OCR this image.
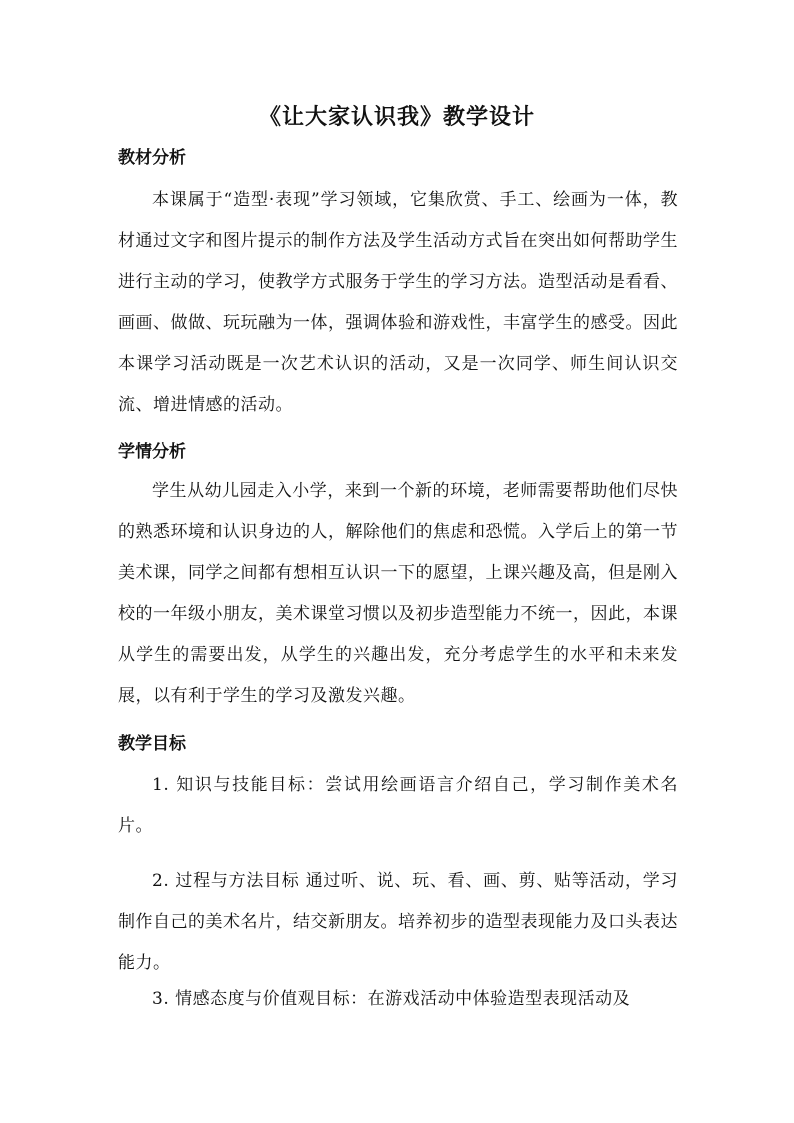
《让大家认识我》教学设计
教材分析

本课属于“造型·表现”学习领域，它集欣赏、手工、绘画为一体，教材通过文字和图片提示的制作方法及学生活动方式旨在突出如何帮助学生进行主动的学习，使教学方式服务于学生的学习方法。造型活动是看看、画画、做做、玩玩融为一体，强调体验和游戏性，丰富学生的感受。因此本课学习活动既是一次艺术认识的活动，又是一次同学、师生间认识交流、增进情感的活动。

学情分析

学生从幼儿园走入小学，来到一个新的环境，老师需要帮助他们尽快的熟悉环境和认识身边的人，解除他们的焦虑和恐慌。入学后上的第一节美术课，同学之间都有想相互认识一下的愿望，上课兴趣及高，但是刚入校的一年级小朋友，美术课堂习惯以及初步造型能力不统一，因此，本课从学生的需要出发，从学生的兴趣出发，充分考虑学生的水平和未来发展，以有利于学生的学习及激发兴趣。

教学目标

1. 知识与技能目标：尝试用绘画语言介绍自己，学习制作美术名片。

2. 过程与方法目标 通过听、说、玩、看、画、剪、贴等活动，学习制作自己的美术名片，结交新朋友。培养初步的造型表现能力及口头表达能力。

3. 情感态度与价值观目标：在游戏活动中体验造型表现活动及
